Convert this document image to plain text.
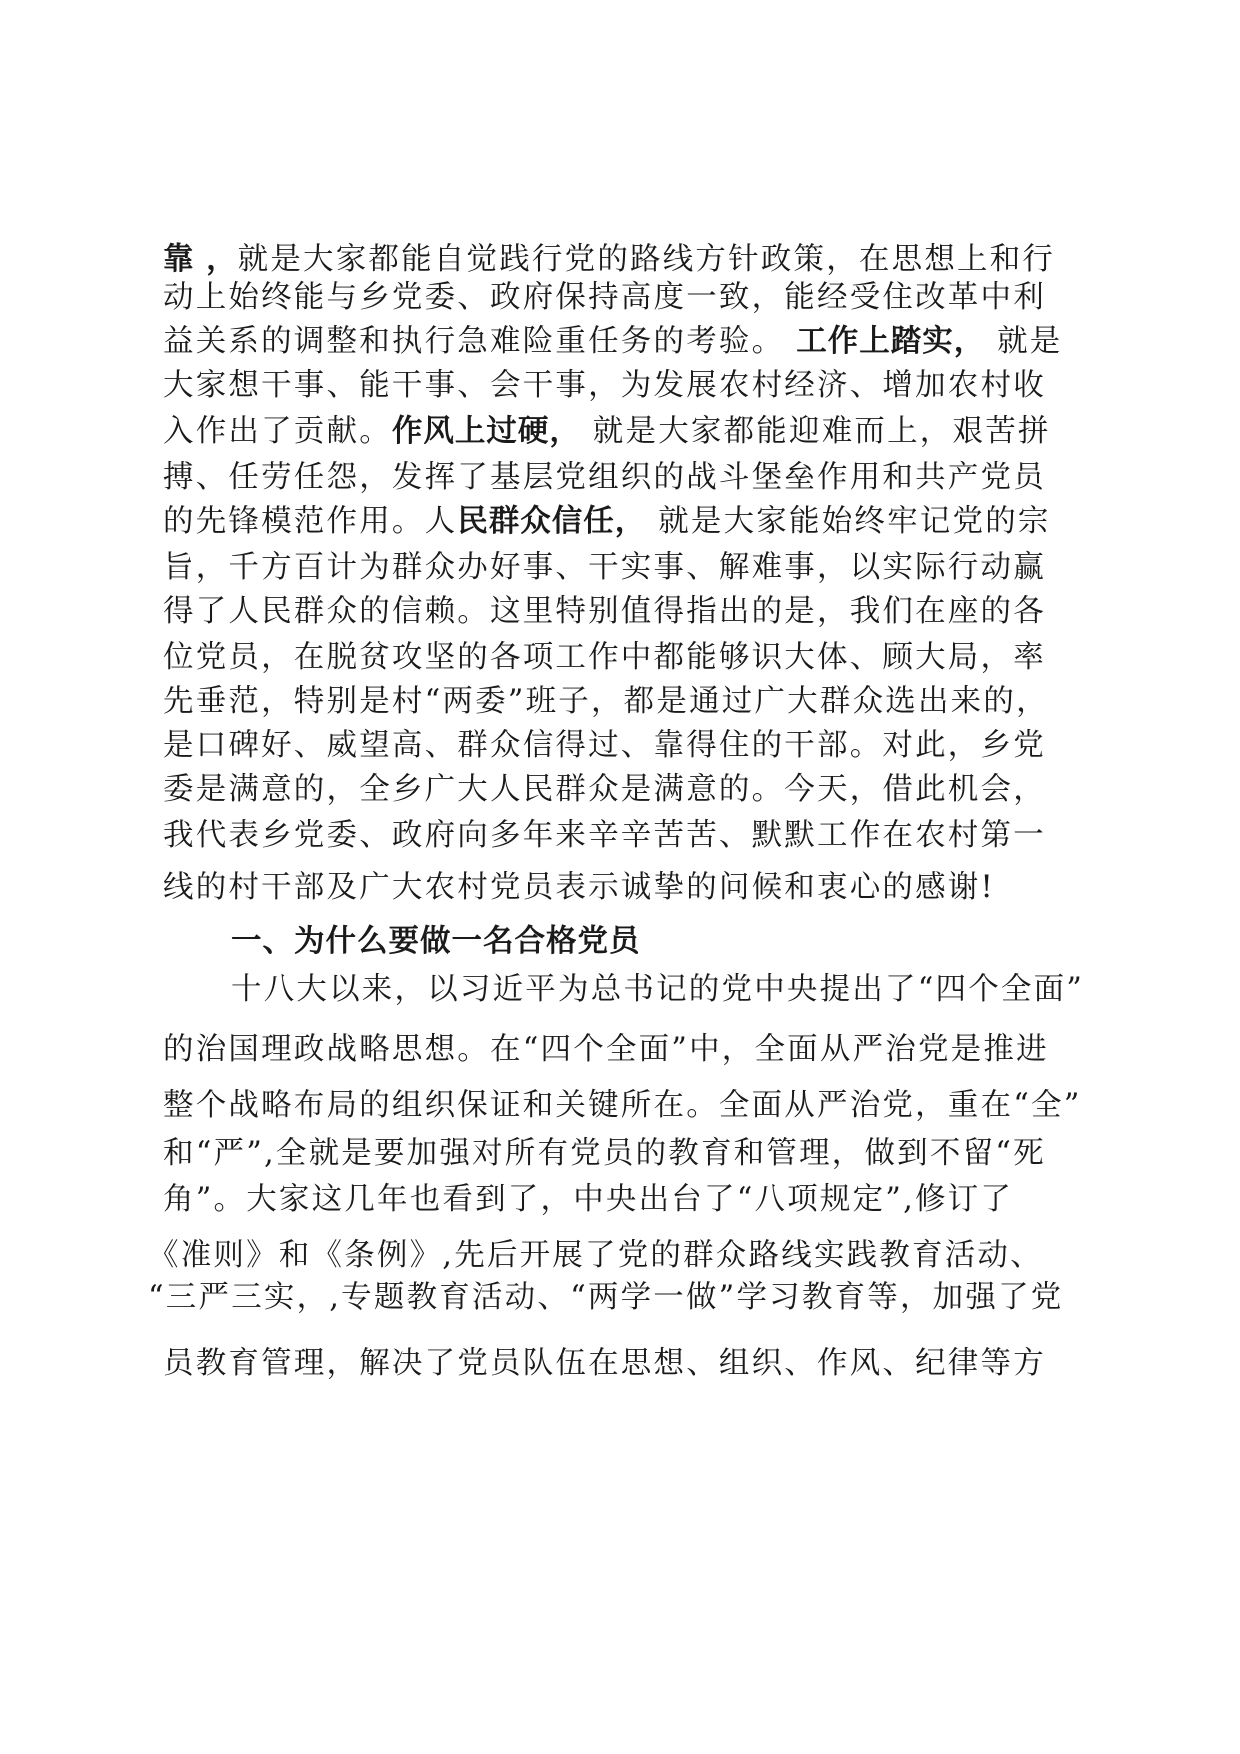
靠 ，就是大家都能自觉践行党的路线方针政策，在思想上和行
动上始终能与乡党委、政府保持高度一致，能经受住改革中利
益关系的调整和执行急难险重任务的考验。 工作上踏实， 就是
大家想干事、能干事、会干事，为发展农村经济、增加农村收
入作出了贡献。作风上过硬， 就是大家都能迎难而上，艰苦拼
搏、任劳任怨，发挥了基层党组织的战斗堡垒作用和共产党员
的先锋模范作用。人民群众信任， 就是大家能始终牢记党的宗
旨，千方百计为群众办好事、干实事、解难事，以实际行动赢
得了人民群众的信赖。这里特别值得指出的是，我们在座的各
位党员，在脱贫攻坚的各项工作中都能够识大体、顾大局，率
先垂范，特别是村“两委”班子，都是通过广大群众选出来的，
是口碑好、威望高、群众信得过、靠得住的干部。对此，乡党
委是满意的，全乡广大人民群众是满意的。今天，借此机会，
我代表乡党委、政府向多年来辛辛苦苦、默默工作在农村第一
线的村干部及广大农村党员表示诚挚的问候和衷心的感谢!
一、为什么要做一名合格党员
十八大以来，以习近平为总书记的党中央提出了“四个全面”
的治国理政战略思想。在“四个全面”中，全面从严治党是推进
整个战略布局的组织保证和关键所在。全面从严治党，重在“全”
和“严”,全就是要加强对所有党员的教育和管理，做到不留“死
角”。大家这几年也看到了，中央出台了“八项规定”,修订了
《准则》和《条例》,先后开展了党的群众路线实践教育活动、
“三严三实，,专题教育活动、“两学一做”学习教育等，加强了党
员教育管理，解决了党员队伍在思想、组织、作风、纪律等方
